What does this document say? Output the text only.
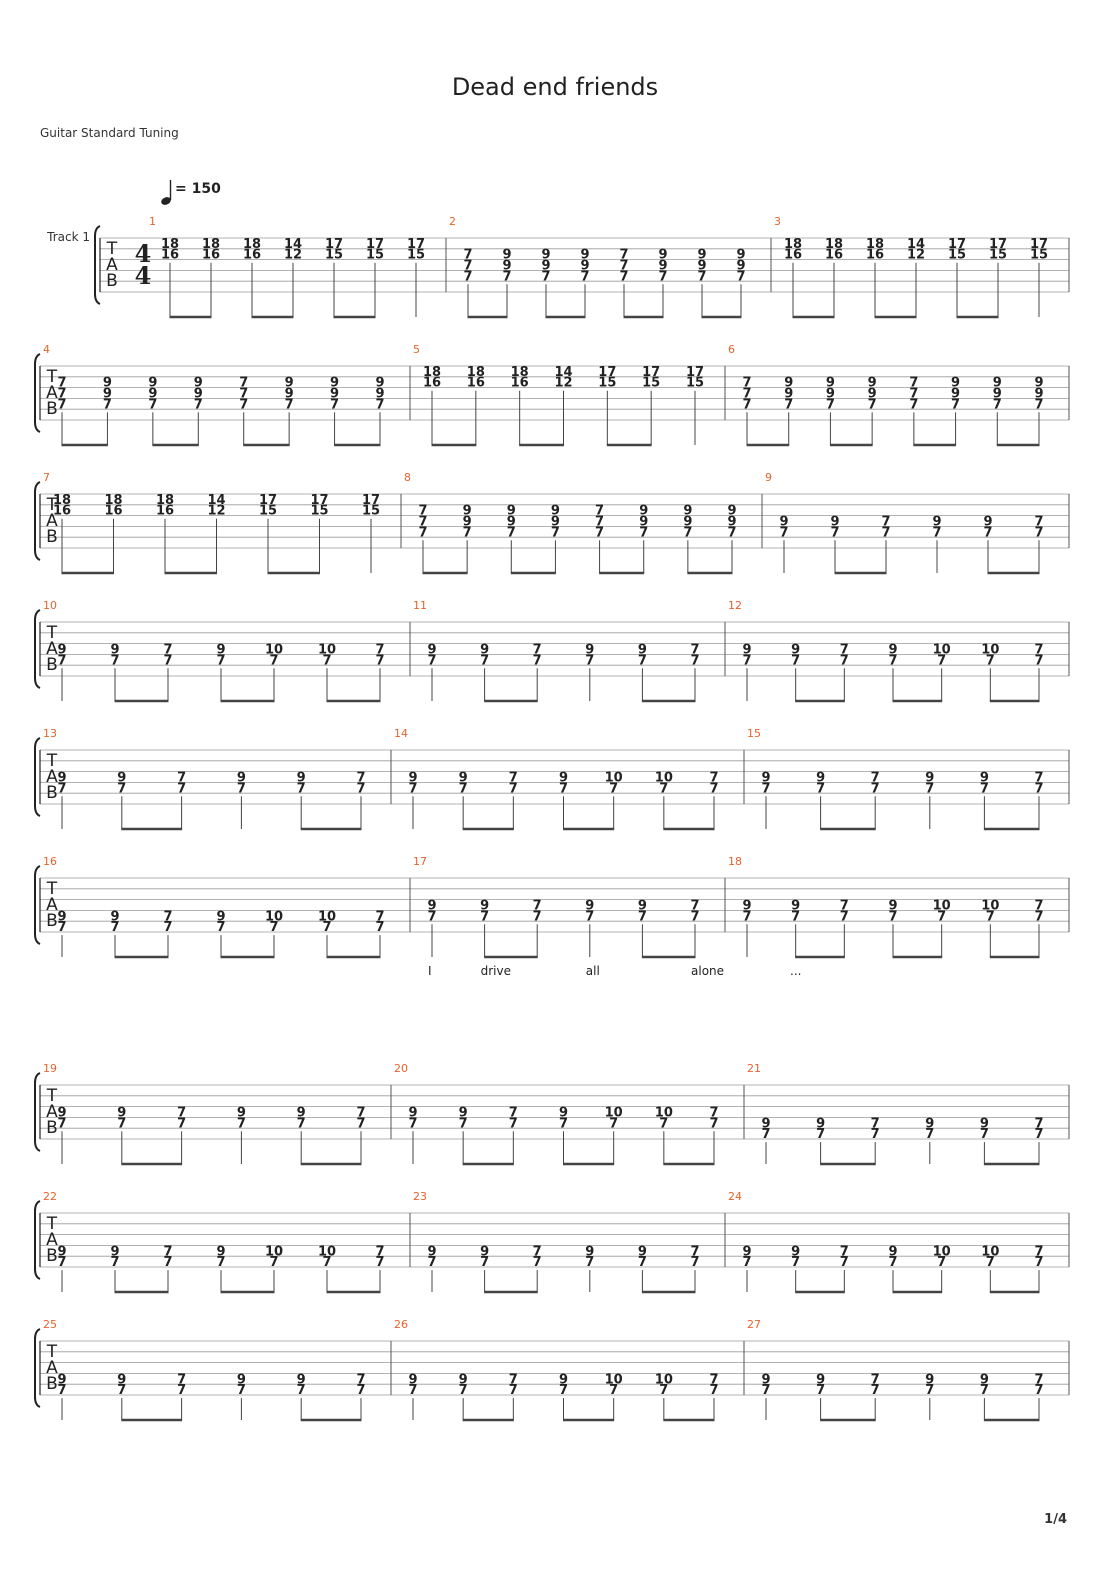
Dead end friends
Guitar Standard Tuning
= 150
T
A
B
Track 1
4
4
1
18
16
18
16
18
16
14
12
17
15
17
15
17
15
2
7
7
7
9
9
7
9
9
7
9
9
7
7
7
7
9
9
7
9
9
7
9
9
7
3
18
16
18
16
18
16
14
12
17
15
17
15
17
15
T
A
B
4
7
7
7
9
9
7
9
9
7
9
9
7
7
7
7
9
9
7
9
9
7
9
9
7
5
18
16
18
16
18
16
14
12
17
15
17
15
17
15
6
7
7
7
9
9
7
9
9
7
9
9
7
7
7
7
9
9
7
9
9
7
9
9
7
T
A
B
7
18
16
18
16
18
16
14
12
17
15
17
15
17
15
8
7
7
7
9
9
7
9
9
7
9
9
7
7
7
7
9
9
7
9
9
7
9
9
7
9
9
7
9
7
7
7
9
7
9
7
7
7
T
A
B
10
9
7
9
7
7
7
9
7
10
7
10
7
7
7
11
9
7
9
7
7
7
9
7
9
7
7
7
12
9
7
9
7
7
7
9
7
10
7
10
7
7
7
T
A
B
13
9
7
9
7
7
7
9
7
9
7
7
7
14
9
7
9
7
7
7
9
7
10
7
10
7
7
7
15
9
7
9
7
7
7
9
7
9
7
7
7
T
A
B
16
9
7
9
7
7
7
9
7
10
7
10
7
7
7
17
9
7
9
7
7
7
9
7
9
7
7
7
18
9
7
9
7
7
7
9
7
10
7
10
7
7
7
T
A
B
19
9
7
9
7
7
7
9
7
9
7
7
7
20
9
7
9
7
7
7
9
7
10
7
10
7
7
7
21
9
7
9
7
7
7
9
7
9
7
7
7
T
A
B
22
9
7
9
7
7
7
9
7
10
7
10
7
7
7
23
9
7
9
7
7
7
9
7
9
7
7
7
24
9
7
9
7
7
7
9
7
10
7
10
7
7
7
T
A
B
25
9
7
9
7
7
7
9
7
9
7
7
7
26
9
7
9
7
7
7
9
7
10
7
10
7
7
7
27
9
7
9
7
7
7
9
7
9
7
7
7
I	drive	all	alone	...
1/4
